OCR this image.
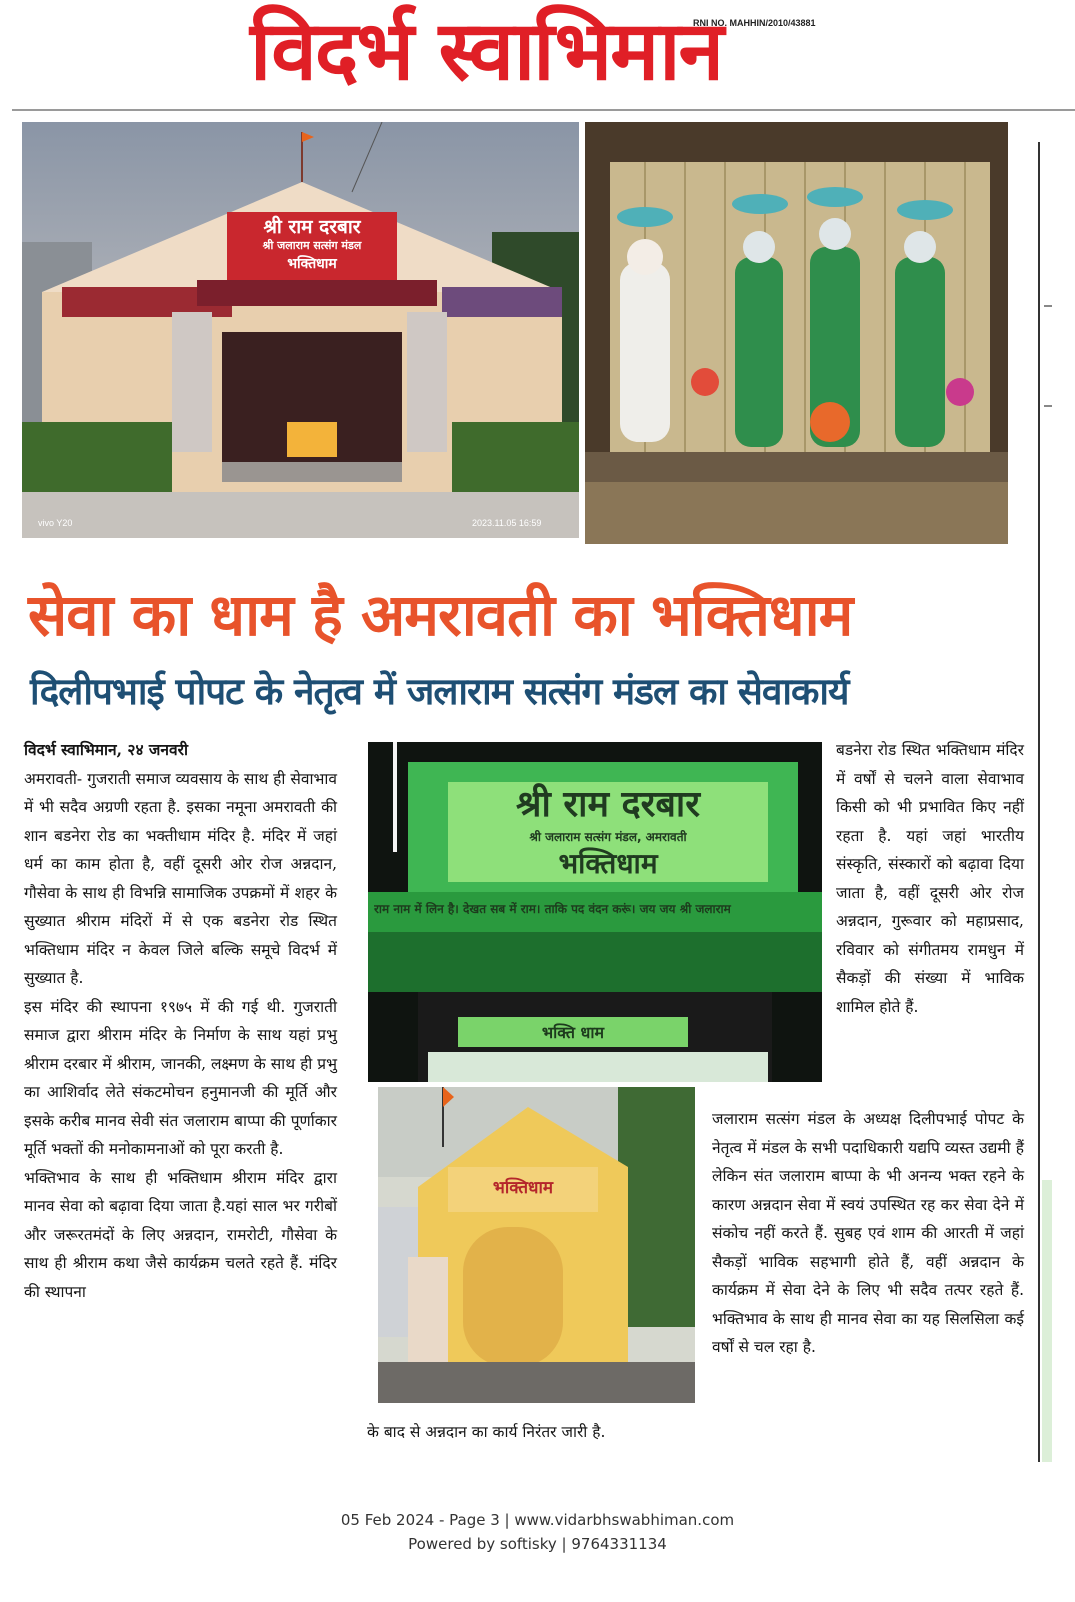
विदर्भ स्वाभिमान
RNI NO. MAHHIN/2010/43881
श्री राम दरबार
श्री जलाराम सत्संग मंडल
भक्तिधाम
vivo Y20	2023.11.05 16:59
सेवा का धाम है अमरावती का भक्तिधाम
दिलीपभाई पोपट के नेतृत्व में जलाराम सत्संग मंडल का सेवाकार्य

विदर्भ स्वाभिमान, २४ जनवरी

अमरावती- गुजराती समाज व्यवसाय के साथ ही सेवाभाव में भी सदैव अग्रणी रहता है. इसका नमूना अमरावती की शान बडनेरा रोड का भक्तीधाम मंदिर है. मंदिर में जहां धर्म का काम होता है, वहीं दूसरी ओर रोज अन्नदान, गौसेवा के साथ ही विभन्नि सामाजिक उपक्रमों में शहर के सुख्यात श्रीराम मंदिरों में से एक बडनेरा रोड स्थित भक्तिधाम मंदिर न केवल जिले बल्कि समूचे विदर्भ में सुख्यात है.

इस मंदिर की स्थापना १९७५ में की गई थी. गुजराती समाज द्वारा श्रीराम मंदिर के निर्माण के साथ यहां प्रभु श्रीराम दरबार में श्रीराम, जानकी, लक्ष्मण के साथ ही प्रभु का आशिर्वाद लेते संकटमोचन हनुमानजी की मूर्ति और इसके करीब मानव सेवी संत जलाराम बाप्पा की पूर्णाकार मूर्ति भक्तों की मनोकामनाओं को पूरा करती है.

भक्तिभाव के साथ ही भक्तिधाम श्रीराम मंदिर द्वारा मानव सेवा को बढ़ावा दिया जाता है.यहां साल भर गरीबों और जरूरतमंदों के लिए अन्नदान, रामरोटी, गौसेवा के साथ ही श्रीराम कथा जैसे कार्यक्रम चलते रहते हैं. मंदिर की स्थापना

श्री राम दरबार
श्री जलाराम सत्संग मंडल, अमरावती
भक्तिधाम
राम नाम में लिन है। देखत सब में राम। ताकि पद वंदन करूं। जय जय श्री जलाराम
भक्ति धाम
भक्तिधाम

के बाद से अन्नदान का कार्य निरंतर जारी है.

बडनेरा रोड स्थित भक्तिधाम मंदिर में वर्षों से चलने वाला सेवाभाव किसी को भी प्रभावित किए नहीं रहता है. यहां जहां भारतीय संस्कृति, संस्कारों को बढ़ावा दिया जाता है, वहीं दूसरी ओर रोज अन्नदान, गुरूवार को महाप्रसाद, रविवार को संगीतमय रामधुन में सैकड़ों की संख्या में भाविक शामिल होते हैं.

जलाराम सत्संग मंडल के अध्यक्ष दिलीपभाई पोपट के नेतृत्व में मंडल के सभी पदाधिकारी यद्यपि व्यस्त उद्यमी हैं लेकिन संत जलाराम बाप्पा के भी अनन्य भक्त रहने के कारण अन्नदान सेवा में स्वयं उपस्थित रह कर सेवा देने में संकोच नहीं करते हैं. सुबह एवं शाम की आरती में जहां सैकड़ों भाविक सहभागी होते हैं, वहीं अन्नदान के कार्यक्रम में सेवा देने के लिए भी सदैव तत्पर रहते हैं. भक्तिभाव के साथ ही मानव सेवा का यह सिलसिला कई वर्षों से चल रहा है.

05 Feb 2024 - Page 3 | www.vidarbhswabhiman.com
Powered by softisky | 9764331134
